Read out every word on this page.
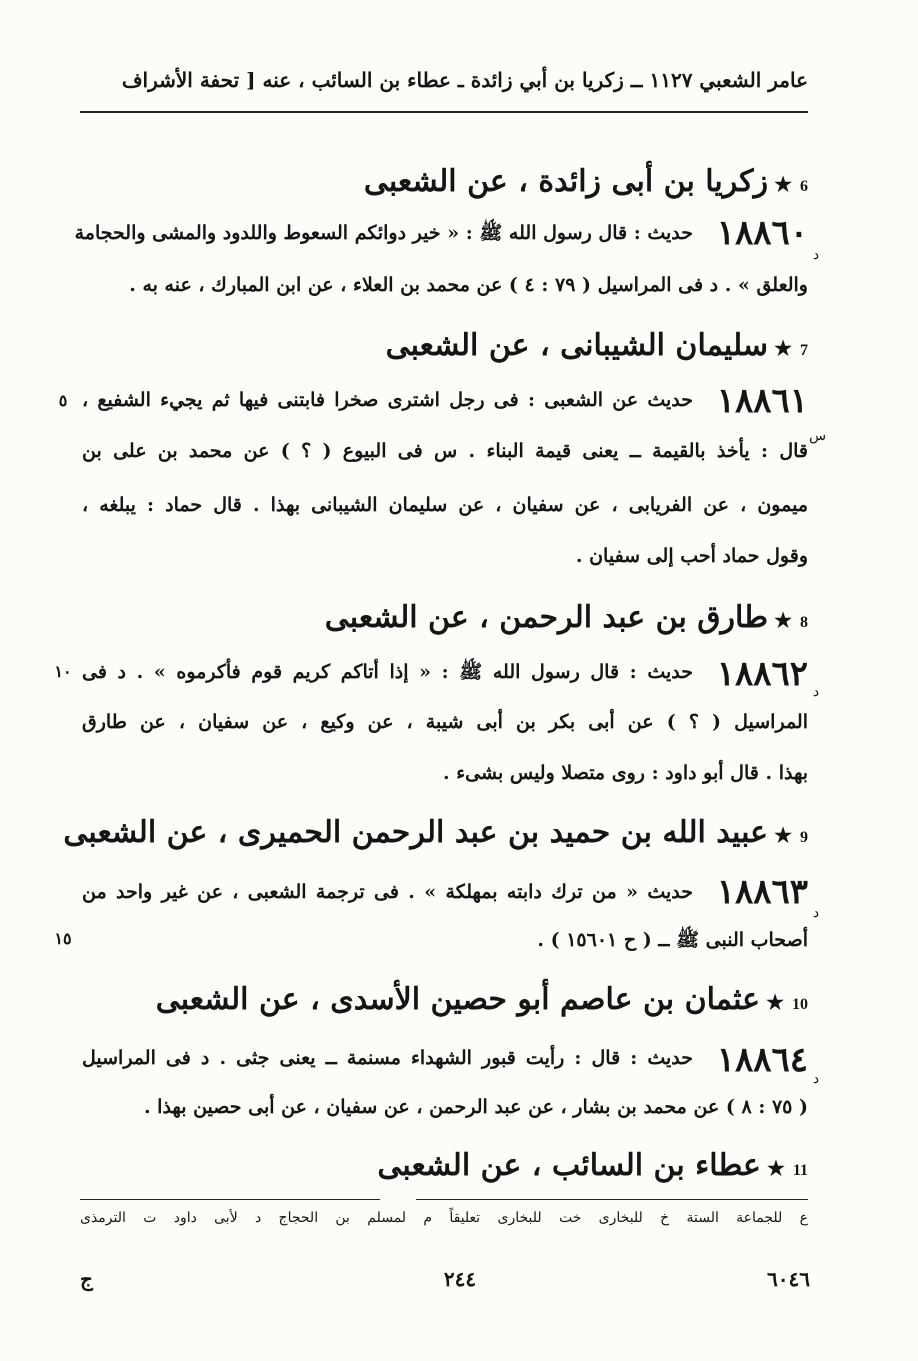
عامر الشعبي ١١٢٧ ــ زكريا بن أبي زائدة ـ عطاء بن السائب ، عنه [ تحفة الأشراف
6★زكريا بن أبى زائدة ، عن الشعبى
١٨٨٦٠
د
حديث : قال رسول الله ﷺ : « خير دوائكم السعوط واللدود والمشى والحجامة
والعلق » . د فى المراسيل ( ٧٩ : ٤ ) عن محمد بن العلاء ، عن ابن المبارك ، عنه به .
7★سليمان الشيبانى ، عن الشعبى
١٨٨٦١
س
حديث عن الشعبى : فى رجل اشترى صخرا فابتنى فيها ثم يجيء الشفيع ،
قال : يأخذ بالقيمة ــ يعنى قيمة البناء . س فى البيوع ( ؟ ) عن محمد بن على بن
ميمون ، عن الفريابى ، عن سفيان ، عن سليمان الشيبانى بهذا . قال حماد : يبلغه ،
وقول حماد أحب إلى سفيان .
٥
8★طارق بن عبد الرحمن ، عن الشعبى
١٨٨٦٢ د
حديث : قال رسول الله ﷺ : « إذا أتاكم كريم قوم فأكرموه » . د فى
المراسيل ( ؟ ) عن أبى بكر بن أبى شيبة ، عن وكيع ، عن سفيان ، عن طارق
بهذا . قال أبو داود : روى متصلا وليس بشىء .
١٠
9★عبيد الله بن حميد بن عبد الرحمن الحميرى ، عن الشعبى
١٨٨٦٣
د
حديث « من ترك دابته بمهلكة » . فى ترجمة الشعبى ، عن غير واحد من
أصحاب النبى ﷺ ــ ( ح ١٥٦٠١ ) .
١٥
10★عثمان بن عاصم أبو حصين الأسدى ، عن الشعبى
١٨٨٦٤ د
حديث : قال : رأيت قبور الشهداء مسنمة ــ يعنى جثى . د فى المراسيل
( ٧٥ : ٨ ) عن محمد بن بشار ، عن عبد الرحمن ، عن سفيان ، عن أبى حصين بهذا .
11★عطاء بن السائب ، عن الشعبى
ع للجماعة الستة خ للبخارى خت للبخارى تعليقاً م لمسلم بن الحجاج د لأبى داود ت الترمذى
٦٠٤٦
٢٤٤
ج
